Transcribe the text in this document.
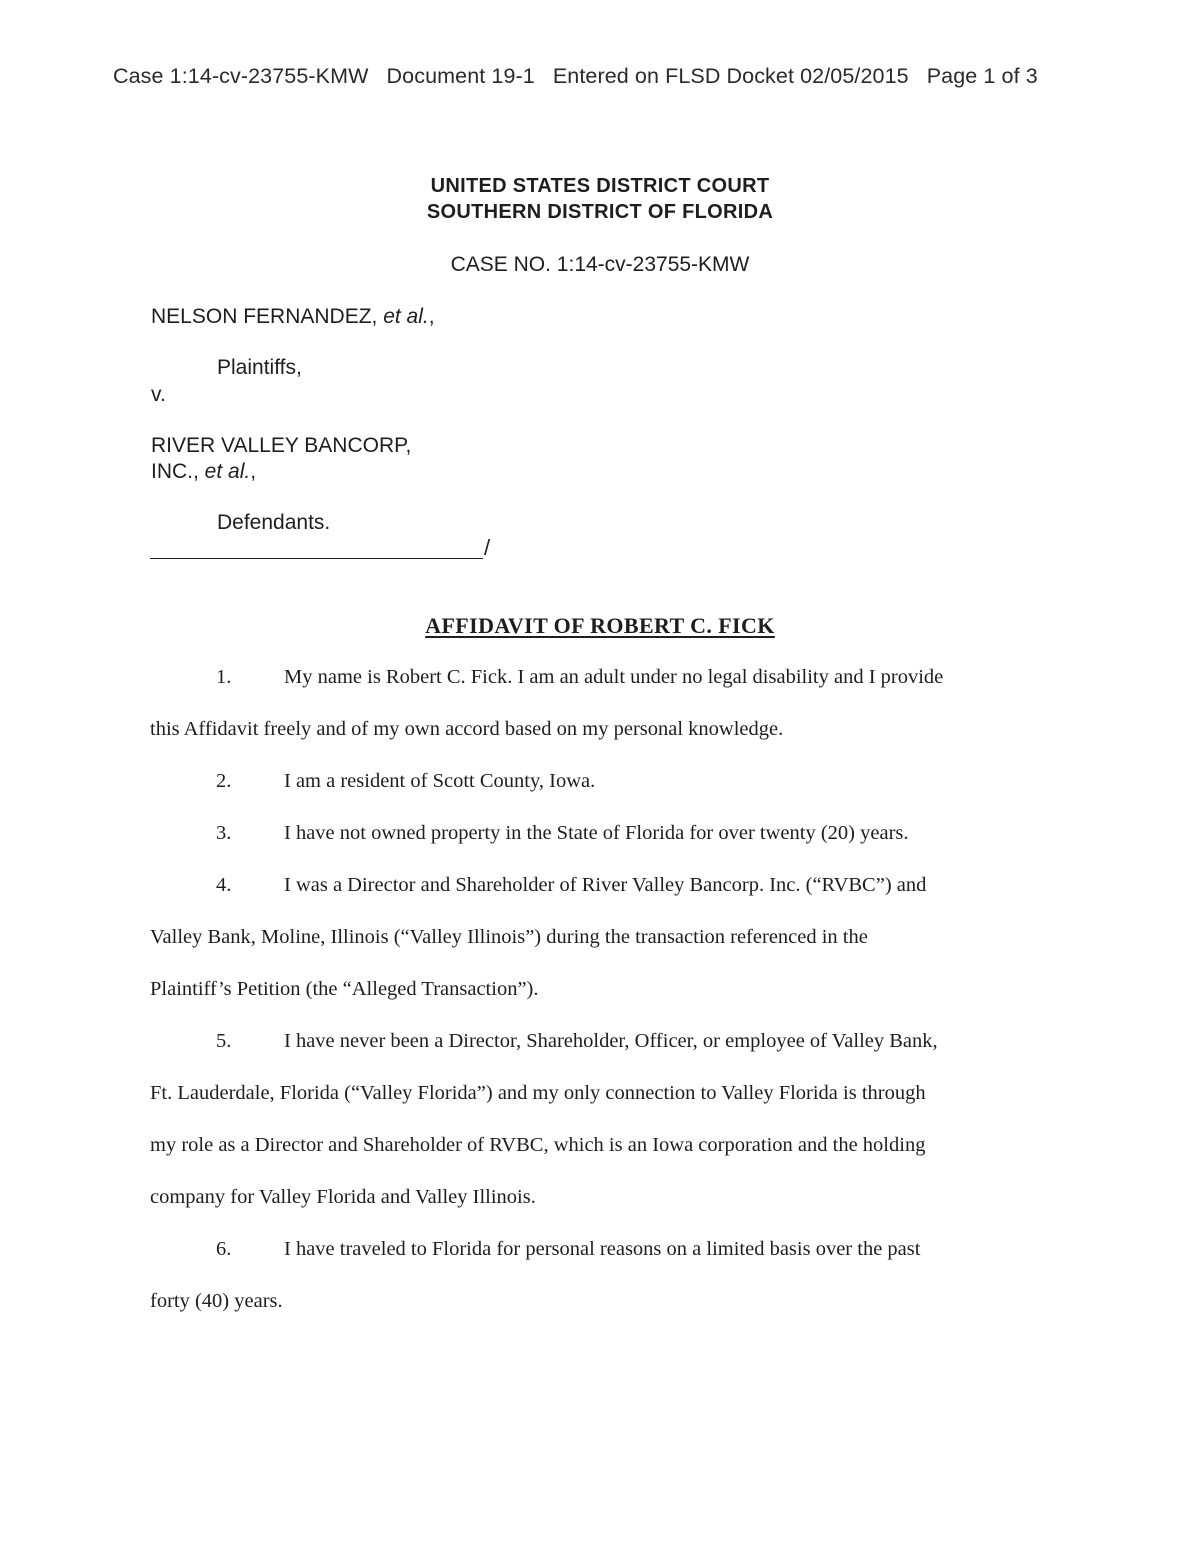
Case 1:14-cv-23755-KMW Document 19-1 Entered on FLSD Docket 02/05/2015 Page 1 of 3
UNITED STATES DISTRICT COURT
SOUTHERN DISTRICT OF FLORIDA
CASE NO. 1:14-cv-23755-KMW
NELSON FERNANDEZ, et al.,
Plaintiffs,
v.
RIVER VALLEY BANCORP,
INC., et al.,
Defendants.
/
AFFIDAVIT OF ROBERT C. FICK
1.	My name is Robert C. Fick. I am an adult under no legal disability and I provide
this Affidavit freely and of my own accord based on my personal knowledge.
2.	I am a resident of Scott County, Iowa.
3.	I have not owned property in the State of Florida for over twenty (20) years.
4.	I was a Director and Shareholder of River Valley Bancorp. Inc. (“RVBC”) and
Valley Bank, Moline, Illinois (“Valley Illinois”) during the transaction referenced in the
Plaintiff’s Petition (the “Alleged Transaction”).
5.	I have never been a Director, Shareholder, Officer, or employee of Valley Bank,
Ft. Lauderdale, Florida (“Valley Florida”) and my only connection to Valley Florida is through
my role as a Director and Shareholder of RVBC, which is an Iowa corporation and the holding
company for Valley Florida and Valley Illinois.
6.	I have traveled to Florida for personal reasons on a limited basis over the past
forty (40) years.
